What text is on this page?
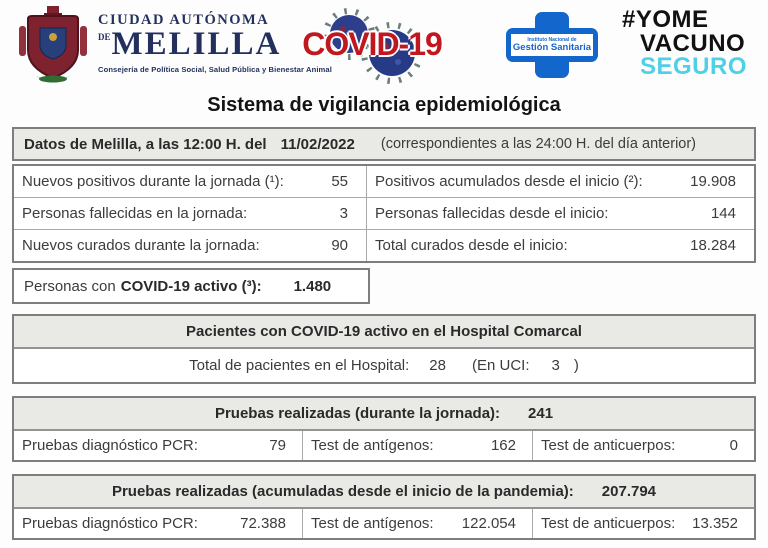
CIUDAD AUTÓNOMA
$^{DE}$MELILLA
Consejería de Política Social, Salud Pública y Bienestar Animal
COVID-19	Instituto Nacional de
Gestión Sanitaria
#YOME
VACUNO
SEGURO
Sistema de vigilancia epidemiológica
Datos de Melilla, a las 12:00 H. del 11/02/2022 (correspondientes a las 24:00 H. del día anterior)
Nuevos positivos durante la jornada (¹):	55	Positivos acumulados desde el inicio (²):	19.908
Personas fallecidas en la jornada:	3	Personas fallecidas desde el inicio:	144
Nuevos curados durante la jornada:	90	Total curados desde el inicio:	18.284
Personas con COVID-19 activo (³): 1.480
Pacientes con COVID-19 activo en el Hospital Comarcal
Total de pacientes en el Hospital: 28 (En UCI: 3 )
Pruebas realizadas (durante la jornada): 241
Pruebas diagnóstico PCR:	79	Test de antígenos:	162	Test de anticuerpos:	0
Pruebas realizadas (acumuladas desde el inicio de la pandemia): 207.794
Pruebas diagnóstico PCR:	72.388	Test de antígenos:	122.054	Test de anticuerpos:	13.352
